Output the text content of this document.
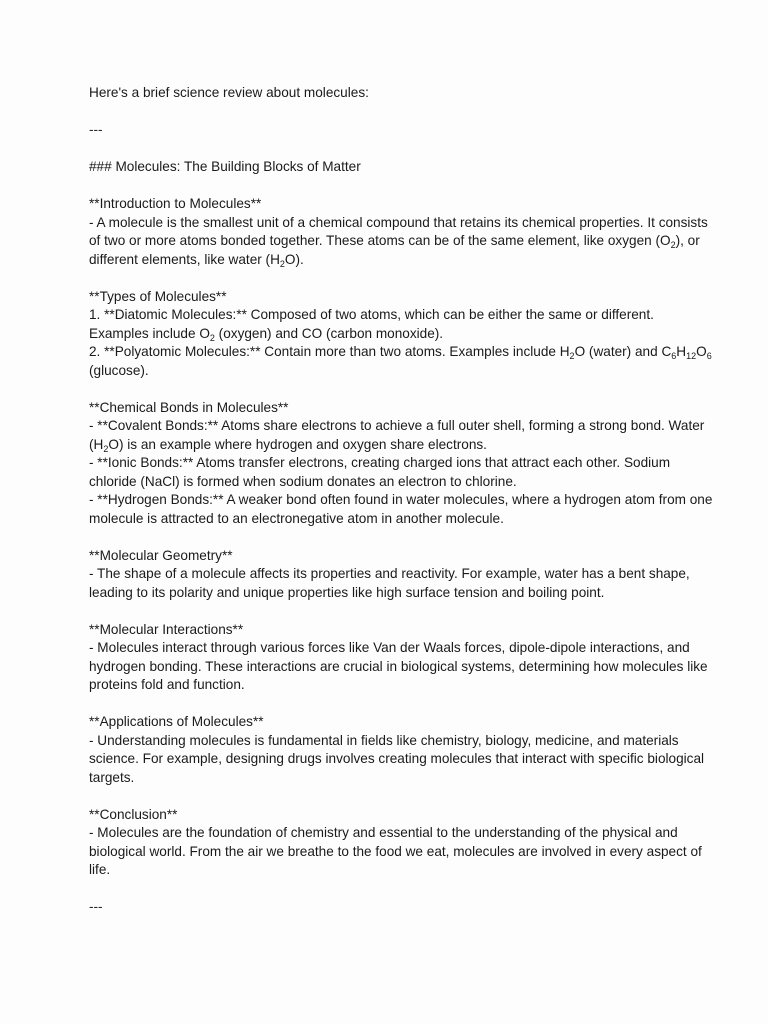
Here's a brief science review about molecules:

---

### Molecules: The Building Blocks of Matter

**Introduction to Molecules**

- A molecule is the smallest unit of a chemical compound that retains its chemical properties. It consists of two or more atoms bonded together. These atoms can be of the same element, like oxygen $(O_2)$, or different elements, like water $(H_2O)$.

**Types of Molecules**

1. **Diatomic Molecules:** Composed of two atoms, which can be either the same or different. Examples include $O_2$ (oxygen) and CO (carbon monoxide).

2. **Polyatomic Molecules:** Contain more than two atoms. Examples include $H_2O$ (water) and $C_6H_{12}O_6$ (glucose).

**Chemical Bonds in Molecules**

- **Covalent Bonds:** Atoms share electrons to achieve a full outer shell, forming a strong bond. Water $(H_2O)$ is an example where hydrogen and oxygen share electrons.

- **Ionic Bonds:** Atoms transfer electrons, creating charged ions that attract each other. Sodium chloride (NaCl) is formed when sodium donates an electron to chlorine.

- **Hydrogen Bonds:** A weaker bond often found in water molecules, where a hydrogen atom from one molecule is attracted to an electronegative atom in another molecule.

**Molecular Geometry**

- The shape of a molecule affects its properties and reactivity. For example, water has a bent shape, leading to its polarity and unique properties like high surface tension and boiling point.

**Molecular Interactions**

- Molecules interact through various forces like Van der Waals forces, dipole-dipole interactions, and hydrogen bonding. These interactions are crucial in biological systems, determining how molecules like proteins fold and function.

**Applications of Molecules**

- Understanding molecules is fundamental in fields like chemistry, biology, medicine, and materials science. For example, designing drugs involves creating molecules that interact with specific biological targets.

**Conclusion**

- Molecules are the foundation of chemistry and essential to the understanding of the physical and biological world. From the air we breathe to the food we eat, molecules are involved in every aspect of life.

---
